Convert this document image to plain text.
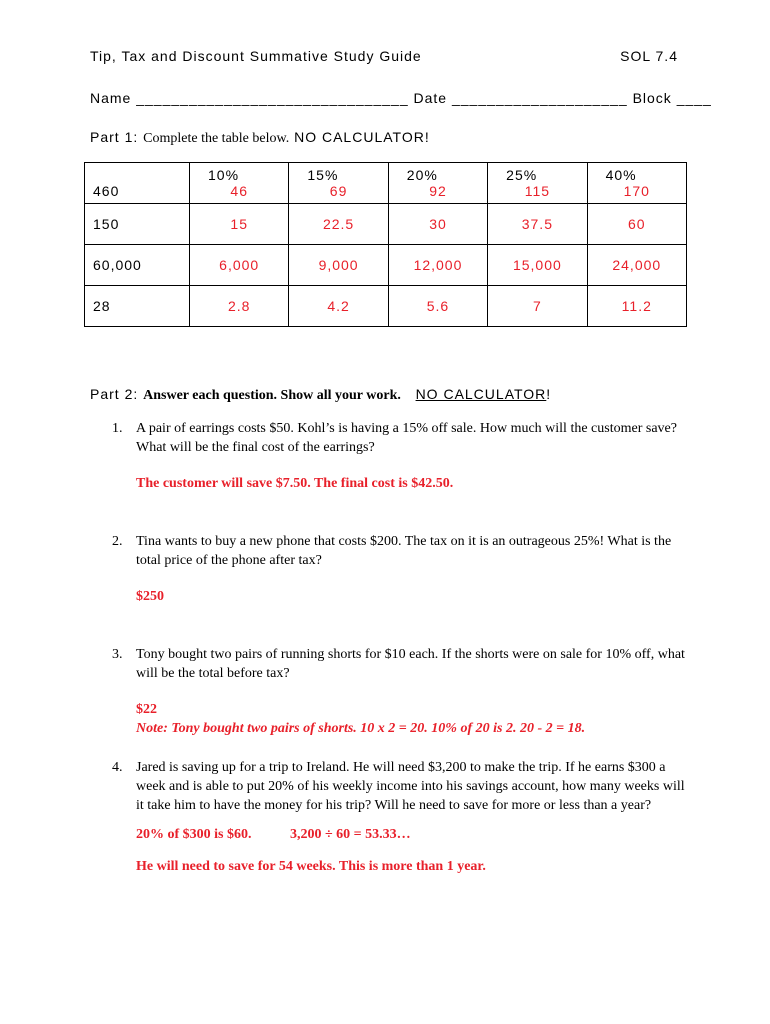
Tip, Tax and Discount Summative Study Guide	SOL 7.4
Name _______________________________ Date ____________________ Block ____
Part 1: Complete the table below. NO CALCULATOR!
	10%	15%	20%	25%	40%
460	46	69	92	115	170
150	15	22.5	30	37.5	60
60,000	6,000	9,000	12,000	15,000	24,000
28	2.8	4.2	5.6	7	11.2
Part 2: Answer each question. Show all your work. NO CALCULATOR!
1. A pair of earrings costs $50. Kohl’s is having a 15% off sale. How much will the customer save? What will be the final cost of the earrings?
The customer will save $7.50. The final cost is $42.50.
2. Tina wants to buy a new phone that costs $200. The tax on it is an outrageous 25%! What is the total price of the phone after tax?
$250
3. Tony bought two pairs of running shorts for $10 each. If the shorts were on sale for 10% off, what will be the total before tax?
$22
Note: Tony bought two pairs of shorts. 10 x 2 = 20. 10% of 20 is 2. 20 - 2 = 18.
4. Jared is saving up for a trip to Ireland. He will need $3,200 to make the trip. If he earns $300 a week and is able to put 20% of his weekly income into his savings account, how many weeks will it take him to have the money for his trip? Will he need to save for more or less than a year?
20% of $300 is $60.	3,200 ÷ 60 = 53.33…
He will need to save for 54 weeks. This is more than 1 year.
